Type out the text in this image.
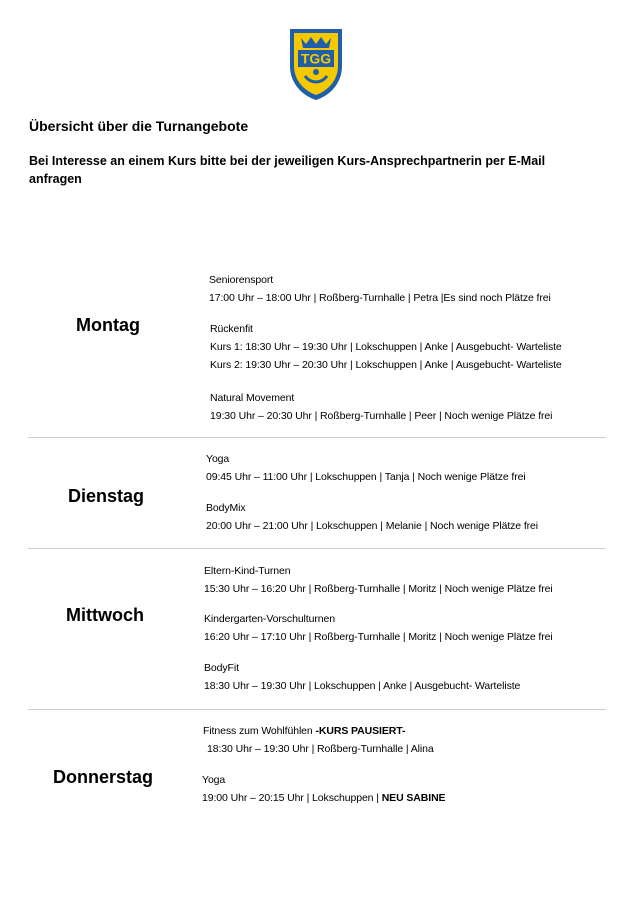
TGG
Übersicht über die Turnangebote
Bei Interesse an einem Kurs bitte bei der jeweiligen Kurs-Ansprechpartnerin per E-Mail anfragen
Montag
Seniorensport
17:00 Uhr – 18:00 Uhr | Roßberg-Turnhalle | Petra |Es sind noch Plätze frei
Rückenfit
Kurs 1: 18:30 Uhr – 19:30 Uhr | Lokschuppen | Anke | Ausgebucht- Warteliste
Kurs 2: 19:30 Uhr – 20:30 Uhr | Lokschuppen | Anke | Ausgebucht- Warteliste
Natural Movement
19:30 Uhr – 20:30 Uhr | Roßberg-Turnhalle | Peer | Noch wenige Plätze frei
Dienstag
Yoga
09:45 Uhr – 11:00 Uhr | Lokschuppen | Tanja | Noch wenige Plätze frei
BodyMix
20:00 Uhr – 21:00 Uhr | Lokschuppen | Melanie | Noch wenige Plätze frei
Mittwoch
Eltern-Kind-Turnen
15:30 Uhr – 16:20 Uhr | Roßberg-Turnhalle | Moritz | Noch wenige Plätze frei
Kindergarten-Vorschulturnen
16:20 Uhr – 17:10 Uhr | Roßberg-Turnhalle | Moritz | Noch wenige Plätze frei
BodyFit
18:30 Uhr – 19:30 Uhr | Lokschuppen | Anke | Ausgebucht- Warteliste
Donnerstag
Fitness zum Wohlfühlen -KURS PAUSIERT-
18:30 Uhr – 19:30 Uhr | Roßberg-Turnhalle | Alina
Yoga
19:00 Uhr – 20:15 Uhr | Lokschuppen | NEU SABINE
